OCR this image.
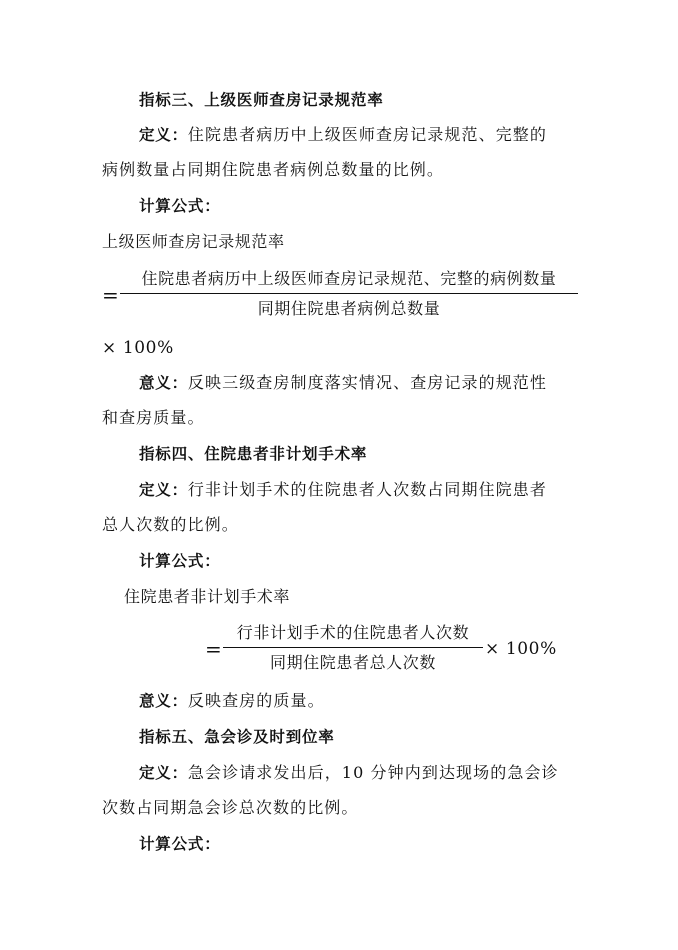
指标三、上级医师查房记录规范率
定义：住院患者病历中上级医师查房记录规范、完整的
病例数量占同期住院患者病例总数量的比例。
计算公式：
上级医师查房记录规范率
=
住院患者病历中上级医师查房记录规范、完整的病例数量
同期住院患者病例总数量
× 100%
意义：反映三级查房制度落实情况、查房记录的规范性
和查房质量。
指标四、住院患者非计划手术率
定义：行非计划手术的住院患者人次数占同期住院患者
总人次数的比例。
计算公式：
住院患者非计划手术率
=
行非计划手术的住院患者人次数
同期住院患者总人次数
× 100%
意义：反映查房的质量。
指标五、急会诊及时到位率
定义：急会诊请求发出后，10 分钟内到达现场的急会诊
次数占同期急会诊总次数的比例。
计算公式：
